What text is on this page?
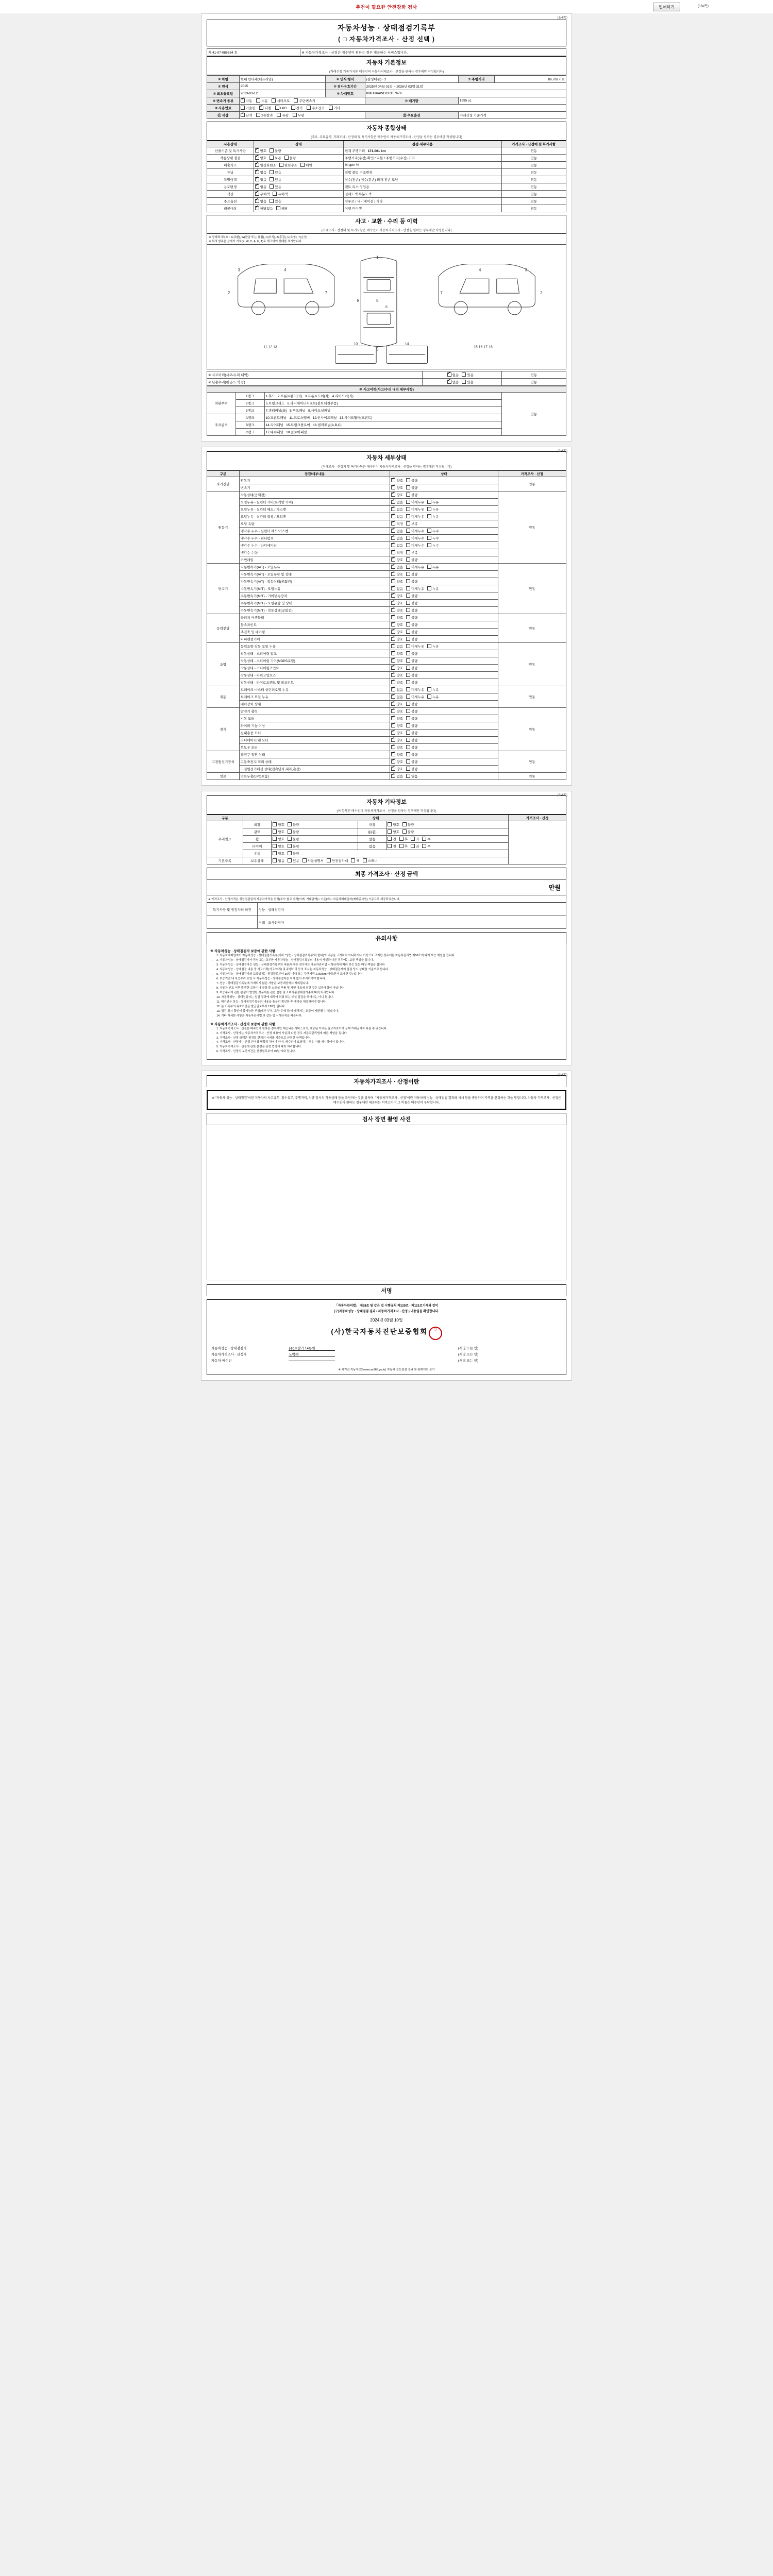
추천이 필요한 안전강화 검사	인쇄하기	(1/4쪽)
(1/4쪽)
자동차성능 · 상태점검기록부
( □ 자동차가격조사 · 산정 선택 )
제 41-07-086634 호	※ 자동차가격조사 · 산정은 매수인이 원하는 경우 제공하는 서비스입니다.
자동차 기본정보
(거래신청 가중가치중 매수인의 자동차거래조사 · 산정을 원하는 경우에만 작성됩니다)
① 차명	현대 싼타페(더프라임)	④ 연식/형식	(삼성대동) · 2	⑦ 주행거리	86,762키로
② 연식	2015	⑤ 검사유효기간	2025년 04월 01일 ~ 2026년 03월 31일		
③ 최초등록일	2013-03-12	⑥ 차대번호	KMHU6AWDCU157679		
⑧ 변속기 종류	✔자동 수동 세미오토 무단변속기		⑩ 배기량	1995 cc	
⑨ 사용연료	가솔린 ✔ 디젤 LPG 전기 수소전기 기타
⑪ 색상	✔단색 2톤칼라 유광 무광		⑫ 주요옵션	거래신청 기준가격	
자동차 종합상태
(주요, 주요골격, 거래조사 · 산정의 및 특기사항은 매수인이 자동차가격조사 · 산정을 원하는 경우에만 작성됩니다)
사용상태	상태	점검·세부내용	가격조사 · 산정에 필 특기사항
산출기준 및 특기사항	✔양호 불량	현재 주행거리 171,001 km	연동
작동상태 점검	✔양호 보통 불량	주행거리(수정) 확인 / 교환 / 주행거리(수정) 기타	연동
배출가스	✔일산화탄소 탄화수소 매연	% ppm %	연동
튜닝	✔없음 있음	적법 불법 구조변경	연동
특별이력	✔없음 있음	침수(전손) 침수(분손) 화재 전손 도난	연동
용도변경	✔없음 있음	렌트 리스 영업용	연동
색상	✔무채색 유채색	전체도색 부분도색	연동
주요옵션	✔없음 있음	선루프 / 내비게이션 / 기타	연동
리콜대상	✔해당없음 해당	이행 미이행	연동
사고 · 교환 · 수리 등 이력
(거래조사 · 산정의 및 특기사항은 매수인이 자동차가격조사 · 산정을 원하는 경우에만 작성됩니다)
※ 상태표시부호 : X(교환), W(판금 또는 용접), C(부식), A(흠집), U(요철), T(손상)
※ 위의 항목은 상세기 기호(X, W, C, A, U, T)로 체크하여 상태를 표기합니다.
3	4
2	7
1
8
5
9
3
4
2
7
10	14
11 12 13	15 16 17 18
6
※ 사고이력(사고/수리 내역)	✔없음 있음	연동
※ 단순수리(판금/도색 등)	✔없음 있음	연동
※ 사고이력(사고/수리 내역 세부사항)			
외판부위	1랭크	1.후드 2.프론트펜더(좌) 3.프론트도어(좌) 4.리어도어(좌)	연동
	2랭크	5.트렁크리드 6.라디에이터서포트(볼트체결부품)	
	3랭크	7.쿼터패널(좌) 8.루프패널 9.사이드실패널	
주요골격	A랭크	10.프론트패널 11.크로스멤버 12.인사이드패널 13.사이드멤버(프론트)	
	B랭크	14.리어패널 15.트렁크플로어 16.필러패널(A,B,C)	
	C랭크	17.대쉬패널 18.플로어패널	
(2/4쪽)
자동차 세부상태
(거래조사 · 산정의 및 특기사항은 매수인이 자동차가격조사 · 산정을 원하는 경우에만 작성됩니다)
구분	점검/세부내용	상태	가격조사 · 산정
자기진단	원동기	✔양호 불량	연동
	변속기	✔양호 불량
원동기	작동상태(공회전)	✔양호 불량	연동
	오일누유 - 실린더 커버(로커암 커버)	✔없음 미세누유 누유
	오일누유 - 실린더 헤드 / 가스켓	✔없음 미세누유 누유
	오일누유 - 실린더 블록 / 오일팬	✔없음 미세누유 누유
	오일 유량	✔적정 부족
	냉각수 누수 - 실린더 헤드/가스켓	✔없음 미세누수 누수
	냉각수 누수 - 워터펌프	✔없음 미세누수 누수
	냉각수 누수 - 라디에이터	✔없음 미세누수 누수
	냉각수 수량	✔적정 부족
	커먼레일	✔양호 불량
변속기	자동변속기(A/T) - 오일누유	✔없음 미세누유 누유	연동
	자동변속기(A/T) - 오일유량 및 상태	✔양호 불량
	자동변속기(A/T) - 작동상태(공회전)	✔양호 불량
	수동변속기(M/T) - 오일누유	✔없음 미세누유 누유
	수동변속기(M/T) - 기어변속장치	✔양호 불량
	수동변속기(M/T) - 오일유량 및 상태	✔양호 불량
	수동변속기(M/T) - 작동상태(공회전)	✔양호 불량
동력전달	클러치 어셈블리	✔양호 불량	연동
	등속죠인트	✔양호 불량
	추진축 및 베어링	✔양호 불량
	디퍼렌셜기어	✔양호 불량
조향	동력조향 작동 오일 누유	✔없음 미세누유 누유	연동
	작동상태 - 스티어링 펌프	✔양호 불량
	작동상태 - 스티어링 기어(MDPS포함)	✔양호 불량
	작동상태 - 스티어링조인트	✔양호 불량
	작동상태 - 파워고압호스	✔양호 불량
	작동상태 - 타이로드엔드 및 볼조인트	✔양호 불량
제동	브레이크 마스터 실린더오일 누유	✔없음 미세누유 누유	연동
	브레이크 오일 누유	✔없음 미세누유 누유
	배력장치 상태	✔양호 불량
전기	발전기 출력	✔양호 불량	연동
	시동 모터	✔양호 불량
	와이퍼 기능 이상	✔양호 불량
	실내송풍 모터	✔양호 불량
	라디에이터 팬 모터	✔양호 불량
	윈도우 모터	✔양호 불량
고전원전기장치	충전구 절연 상태	✔양호 불량	연동
	구동축전지 격리 상태	✔양호 불량
	고전원전기배선 상태(접속단자,피복,손상)	✔양호 불량
연료	연료누출(LPG포함)	✔없음 있음	연동
(3/4쪽)
자동차 기타정보
(이 항목은 매수인이 자동차가격조사 · 산정을 원하는 경우에만 작성됩니다)
구분	상태				가격조사 · 산정
수리필요	외장	양호 불량	내장	양호 불량	
	광택	양호 불량	룸(휠)	양호 불량	
	휠	양호 불량	없음	전 후 좌 우	
	타이어	양호 불량	없음	전 후 좌 우	
	유리	양호 불량			
기본품목	보유상태	없음 있음 사용설명서 안전삼각대 잭 스패너			
최종 가격조사 · 산정 금액
만원
※ 가격조사 · 산정가격은 성능점검일의 자동차가격을 산정(조사 참고 가격)이며, 거래금액(□ 기준)에 □ 자동차매매업자(매매종사원) 기준으로 제공되었습니다.
특기사항 및 점검자의 의견	성능 · 상태점검자
	거래 · 조사산정자
유의사항
※ 자동차성능 · 상태점검자 보증에 관한 사항
• 1. 자동차매매업자가 자동차성능 · 상태점검기록부(이하 "성능 · 상태점검기록부"라 한다)의 내용을 고지하지 아니하거나 거짓으로 고지한 경우에는 자동차관리법 제58조에 따라 보증 책임을 집니다.
• 2. 자동차성능 · 상태점검자가 작성 또는 교부한 자동차성능 · 상태점검기록부의 내용이 사실과 다른 경우에는 보증 책임을 집니다.
• 3. 자동차성능 · 상태점검자는 성능 · 상태점검기록부의 내용과 다른 경우에는 자동차관리법 시행규칙에 따라 보증 또는 배상 책임을 집니다.
• 4. 자동차성능 · 상태점검 내용 중 사고이력(사고/수리) 및 주행거리 등의 표시는 자동차성능 · 상태점검자의 점검 당시 상태를 기준으로 합니다.
• 5. 자동차성능 · 상태점검자의 보증범위는 점검일로부터 30일 이내 또는 주행거리 2,000km 이내(먼저 도래한 것) 입니다.
• 6. 보증기간 내 보증수리 요청 시 자동차성능 · 상태점검자는 지체 없이 수리하여야 합니다.
• 7. 성능 · 상태점검기록부에 기재되지 않은 사항은 보증대상에서 제외됩니다.
• 8. 자동차 인도 이후 발생한 고장이나 결함 중 소모성 부품 및 자연 마모에 의한 것은 보증대상이 아닙니다.
• 9. 보증수리에 관한 분쟁이 발생한 경우에는 관련 법령 및 소비자분쟁해결기준에 따라 처리합니다.
• 10. 자동차성능 · 상태점검자는 점검 결과에 대하여 허위 또는 부실 점검을 하여서는 아니 됩니다.
• 11. 매수인은 성능 · 상태점검기록부의 내용을 충분히 확인한 후 계약을 체결하여야 합니다.
• 12. 본 기록부의 유효기간은 발급일로부터 120일 입니다.
• 13. 점검 당시 확인이 불가능한 부위(내부 부식, 도장 두께 등)에 대해서는 보증이 제한될 수 있습니다.
• 14. 기타 자세한 사항은 자동차관리법 및 같은 법 시행규칙을 따릅니다.
※ 자동차가격조사 · 산정자 보증에 관한 사항
• 1. 자동차가격조사 · 산정은 매수인이 원하는 경우에만 제공되는 서비스로서, 제공된 가격은 참고자료이며 실제 거래금액과 다를 수 있습니다.
• 2. 가격조사 · 산정자는 자동차가격조사 · 산정 내용이 사실과 다른 경우 자동차관리법에 따른 책임을 집니다.
• 3. 가격조사 · 산정 금액은 점검일 현재의 시세를 기준으로 산정한 금액입니다.
• 4. 가격조사 · 산정자는 산정 근거를 명확히 하여야 하며, 매수인이 요청하는 경우 이를 제시하여야 합니다.
• 5. 자동차가격조사 · 산정에 관한 분쟁은 관련 법령에 따라 처리합니다.
• 6. 가격조사 · 산정의 보증기간은 산정일로부터 30일 이내 입니다.
(4/4쪽)
자동차가격조사 · 산정이란
※ "자동차 성능 · 상태점검"이란 자동차의 사고유무, 침수유무, 주행거리, 각종 장치의 작동상태 등을 확인하는 것을 말하며, "자동차가격조사 · 산정"이란 자동차의 성능 · 상태점검 결과와 시세 등을 종합하여 가격을 산정하는 것을 말합니다. 자동차 가격조사 · 산정은 매수인이 원하는 경우에만 제공되는 서비스이며 그 비용은 매수인이 부담합니다.
검사 장면 촬영 사진
서명
「자동차관리법」 제58조 및 같은 법 시행규칙 제120조 · 제121조기재와 같이
(구)자동차성능 · 상태점검 결과 / 자동차가격조사 · 산정 ) 내용임을 확인합니다.
2024년 03월 10일
(사)한국자동차진단보증협회 인
자동차성능 · 상태점검자	(주)토탈카 14통원	(서명 또는 인)
자동차가격조사 · 산정자	노박래	(서명 또는 인)
자동차 매수인		(서명 또는 인)
※ 차기간 자동차(62www.car365.go.kr) 자동차 성능점검 결과 및 판매이력 보기
